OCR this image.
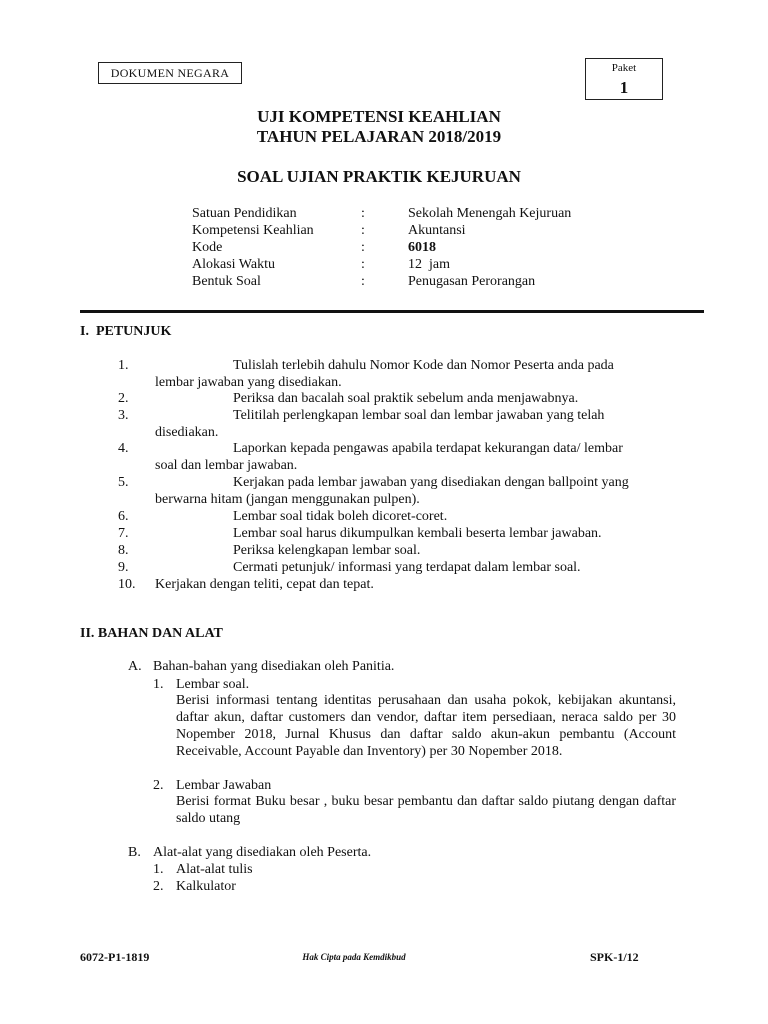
DOKUMEN NEGARA	Paket
1
UJI KOMPETENSI KEAHLIAN
TAHUN PELAJARAN 2018/2019
SOAL UJIAN PRAKTIK KEJURUAN
Satuan Pendidikan	:	Sekolah Menengah Kejuruan
Kompetensi Keahlian	:	Akuntansi
Kode	:	6018
Alokasi Waktu	:	12  jam
Bentuk Soal	:	Penugasan Perorangan
I.  PETUNJUK
1.	Tulislah terlebih dahulu Nomor Kode dan Nomor Peserta anda pada
lembar jawaban yang disediakan.
2.	Periksa dan bacalah soal praktik sebelum anda menjawabnya.
3.	Telitilah perlengkapan lembar soal dan lembar jawaban yang telah
disediakan.
4.	Laporkan kepada pengawas apabila terdapat kekurangan data/ lembar
soal dan lembar jawaban.
5.	Kerjakan pada lembar jawaban yang disediakan dengan ballpoint yang
berwarna hitam (jangan menggunakan pulpen).
6.	Lembar soal tidak boleh dicoret-coret.
7.	Lembar soal harus dikumpulkan kembali beserta lembar jawaban.
8.	Periksa kelengkapan lembar soal.
9.	Cermati petunjuk/ informasi yang terdapat dalam lembar soal.
10.	Kerjakan dengan teliti, cepat dan tepat.
II. BAHAN DAN ALAT
A. Bahan-bahan yang disediakan oleh Panitia.
1. Lembar soal.
Berisi informasi tentang identitas perusahaan dan usaha pokok, kebijakan akuntansi, daftar akun, daftar customers dan vendor, daftar item persediaan, neraca saldo per 30 Nopember 2018, Jurnal Khusus dan daftar saldo akun-akun pembantu (Account Receivable, Account Payable dan Inventory) per 30 Nopember 2018.
2. Lembar Jawaban
Berisi format Buku besar , buku besar pembantu dan daftar saldo piutang dengan daftar saldo utang
B. Alat-alat yang disediakan oleh Peserta.
1. Alat-alat tulis
2. Kalkulator
6072-P1-1819	Hak Cipta pada Kemdikbud	SPK-1/12
